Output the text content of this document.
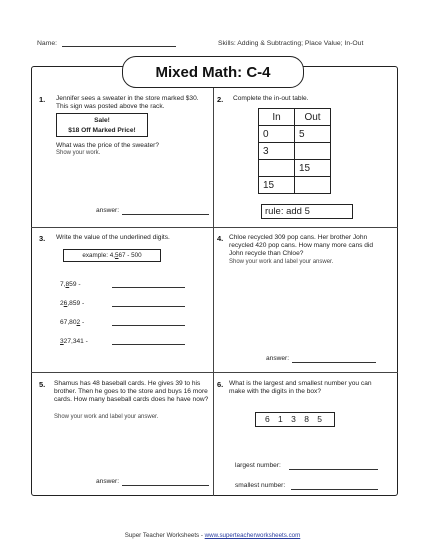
Name:	Skills: Adding & Subtracting; Place Value; In-Out
Mixed Math: C-4
1. Jennifer sees a sweater in the store marked $30. This sign was posted above the rack.
Sale!
$18 Off Marked Price!
What was the price of the sweater?
Show your work.
answer:
2. Complete the in-out table.
In	Out
0	5
3	
	15
15	
rule: add 5
3. Write the value of the underlined digits.
example: 4,567 - 500
7,859 -
26,859 -
67,802 -
327,341 -
4. Chloe recycled 309 pop cans. Her brother John recycled 420 pop cans. How many more cans did John recycle than Chloe?
Show your work and label your answer.
answer:
5. Shamus has 48 baseball cards. He gives 39 to his brother. Then he goes to the store and buys 16 more cards. How many baseball cards does he have now?
Show your work and label your answer.
answer:
6. What is the largest and smallest number you can make with the digits in the box?
6 1 3 8 5
largest number:
smallest number:
Super Teacher Worksheets - www.superteacherworksheets.com
